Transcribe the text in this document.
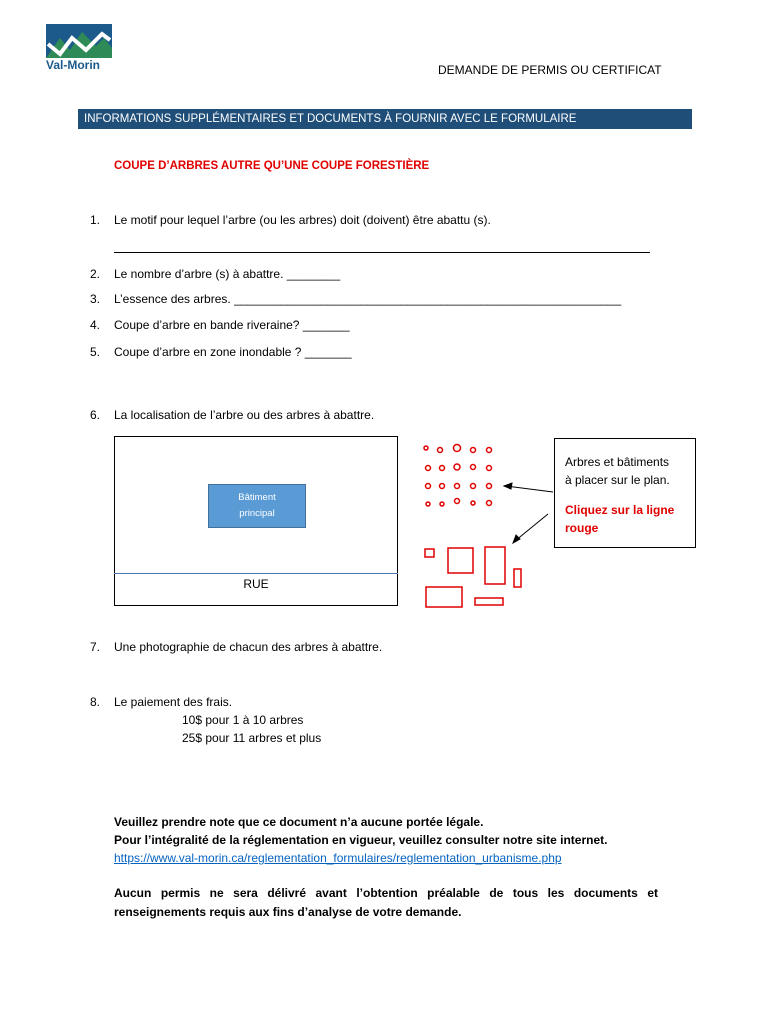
Val-Morin	DEMANDE DE PERMIS OU CERTIFICAT
INFORMATIONS SUPPLÉMENTAIRES ET DOCUMENTS À FOURNIR AVEC LE FORMULAIRE
COUPE D’ARBRES AUTRE QU’UNE COUPE FORESTIÈRE
1. Le motif pour lequel l’arbre (ou les arbres) doit (doivent) être abattu (s).
2. Le nombre d’arbre (s) à abattre. ________
3. L’essence des arbres. __________________________________________________________
4. Coupe d’arbre en bande riveraine? _______
5. Coupe d’arbre en zone inondable ? _______
6. La localisation de l’arbre ou des arbres à abattre.
Bâtiment
principal
RUE
Arbres et bâtiments
à placer sur le plan.
Cliquez sur la ligne
rouge
7. Une photographie de chacun des arbres à abattre.
8. Le paiement des frais.
10$ pour 1 à 10 arbres
25$ pour 11 arbres et plus
Veuillez prendre note que ce document n’a aucune portée légale.
Pour l’intégralité de la réglementation en vigueur, veuillez consulter notre site internet.
https://www.val-morin.ca/reglementation_formulaires/reglementation_urbanisme.php
Aucun permis ne sera délivré avant l’obtention préalable de tous les documents et renseignements requis aux fins d’analyse de votre demande.
